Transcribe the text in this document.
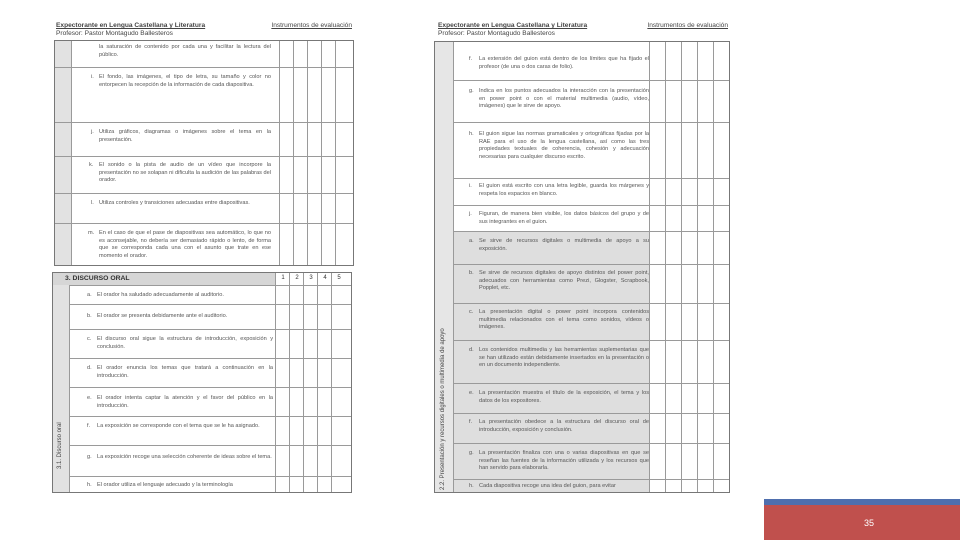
Expectorante en Lengua Castellana y Literatura	Instrumentos de evaluación
Profesor: Pastor Montagudo Ballesteros
la saturación de contenido por cada una y facilitar la lectura del público.
i. El fondo, las imágenes, el tipo de letra, su tamaño y color no entorpecen la recepción de la información de cada diapositiva.
j. Utiliza gráficos, diagramas o imágenes sobre el tema en la presentación.
k. El sonido o la pista de audio de un vídeo que incorpore la presentación no se solapan ni dificulta la audición de las palabras del orador.
l. Utiliza controles y transiciones adecuadas entre diapositivas.
m. En el caso de que el pase de diapositivas sea automático, lo que no es aconsejable, no debería ser demasiado rápido o lento, de forma que se corresponda cada una con el asunto que trate en ese momento el orador.
3. DISCURSO ORAL	1	2	3	4	5
3.1. Discurso oral
a. El orador ha saludado adecuadamente al auditorio.
b. El orador se presenta debidamente ante el auditorio.
c. El discurso oral sigue la estructura de introducción, exposición y conclusión.
d. El orador enuncia los temas que tratará a continuación en la introducción.
e. El orador intenta captar la atención y el favor del público en la introducción.
f. La exposición se corresponde con el tema que se le ha asignado.
g. La exposición recoge una selección coherente de ideas sobre el tema.
h. El orador utiliza el lenguaje adecuado y la terminología
Expectorante en Lengua Castellana y Literatura	Instrumentos de evaluación
Profesor: Pastor Montagudo Ballesteros
2.2. Presentación y recursos digitales o multimedia de apoyo
f. La extensión del guion está dentro de los límites que ha fijado el profesor (de una o dos caras de folio).
g. Indica en los puntos adecuados la interacción con la presentación en power point o con el material multimedia (audio, vídeo, imágenes) que le sirve de apoyo.
h. El guion sigue las normas gramaticales y ortográficas fijadas por la RAE para el uso de la lengua castellana, así como las tres propiedades textuales de coherencia, cohesión y adecuación necesarias para cualquier discurso escrito.
i. El guion está escrito con una letra legible, guarda los márgenes y respeta los espacios en blanco.
j. Figuran, de manera bien visible, los datos básicos del grupo y de sus integrantes en el guion.
a. Se sirve de recursos digitales o multimedia de apoyo a su exposición.
b. Se sirve de recursos digitales de apoyo distintos del power point, adecuados con herramientas como Prezi, Glogster, Scrapbook, Popplet, etc.
c. La presentación digital o power point incorpora contenidos multimedia relacionados con el tema como sonidos, vídeos o imágenes.
d. Los contenidos multimedia y las herramientas suplementarias que se han utilizado están debidamente insertados en la presentación o en un documento independiente.
e. La presentación muestra el título de la exposición, el tema y los datos de los expositores.
f. La presentación obedece a la estructura del discurso oral de introducción, exposición y conclusión.
g. La presentación finaliza con una o varias diapositivas en que se reseñan las fuentes de la información utilizada y los recursos que han servido para elaborarla.
h. Cada diapositiva recoge una idea del guion, para evitar
35
